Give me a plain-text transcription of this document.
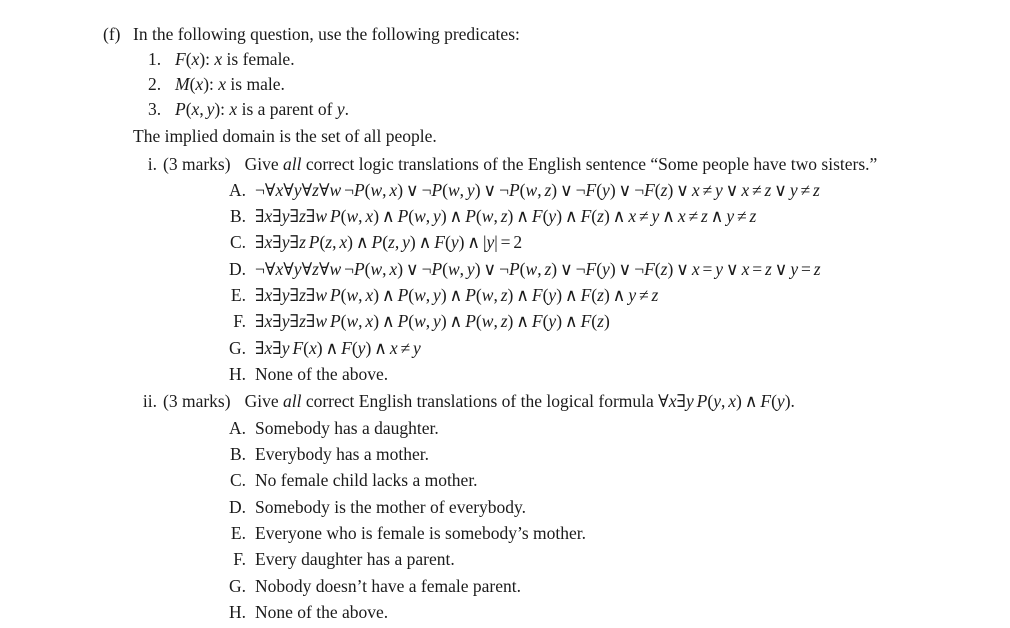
(f) In the following question, use the following predicates:
1. F(x): x is female.
2. M(x): x is male.
3. P(x, y): x is a parent of y.
The implied domain is the set of all people.
i. (3 marks) Give all correct logic translations of the English sentence “Some people have two sisters.”
A. ¬∀x∀y∀z∀w ¬P(w, x) ∨ ¬P(w, y) ∨ ¬P(w, z) ∨ ¬F(y) ∨ ¬F(z) ∨ x ≠ y ∨ x ≠ z ∨ y ≠ z
B. ∃x∃y∃z∃w P(w, x) ∧ P(w, y) ∧ P(w, z) ∧ F(y) ∧ F(z) ∧ x ≠ y ∧ x ≠ z ∧ y ≠ z
C. ∃x∃y∃z P(z, x) ∧ P(z, y) ∧ F(y) ∧ |y| = 2
D. ¬∀x∀y∀z∀w ¬P(w, x) ∨ ¬P(w, y) ∨ ¬P(w, z) ∨ ¬F(y) ∨ ¬F(z) ∨ x = y ∨ x = z ∨ y = z
E. ∃x∃y∃z∃w P(w, x) ∧ P(w, y) ∧ P(w, z) ∧ F(y) ∧ F(z) ∧ y ≠ z
F. ∃x∃y∃z∃w P(w, x) ∧ P(w, y) ∧ P(w, z) ∧ F(y) ∧ F(z)
G. ∃x∃y F(x) ∧ F(y) ∧ x ≠ y
H. None of the above.
ii. (3 marks) Give all correct English translations of the logical formula ∀x∃y P(y, x) ∧ F(y).
A. Somebody has a daughter.
B. Everybody has a mother.
C. No female child lacks a mother.
D. Somebody is the mother of everybody.
E. Everyone who is female is somebody’s mother.
F. Every daughter has a parent.
G. Nobody doesn’t have a female parent.
H. None of the above.
